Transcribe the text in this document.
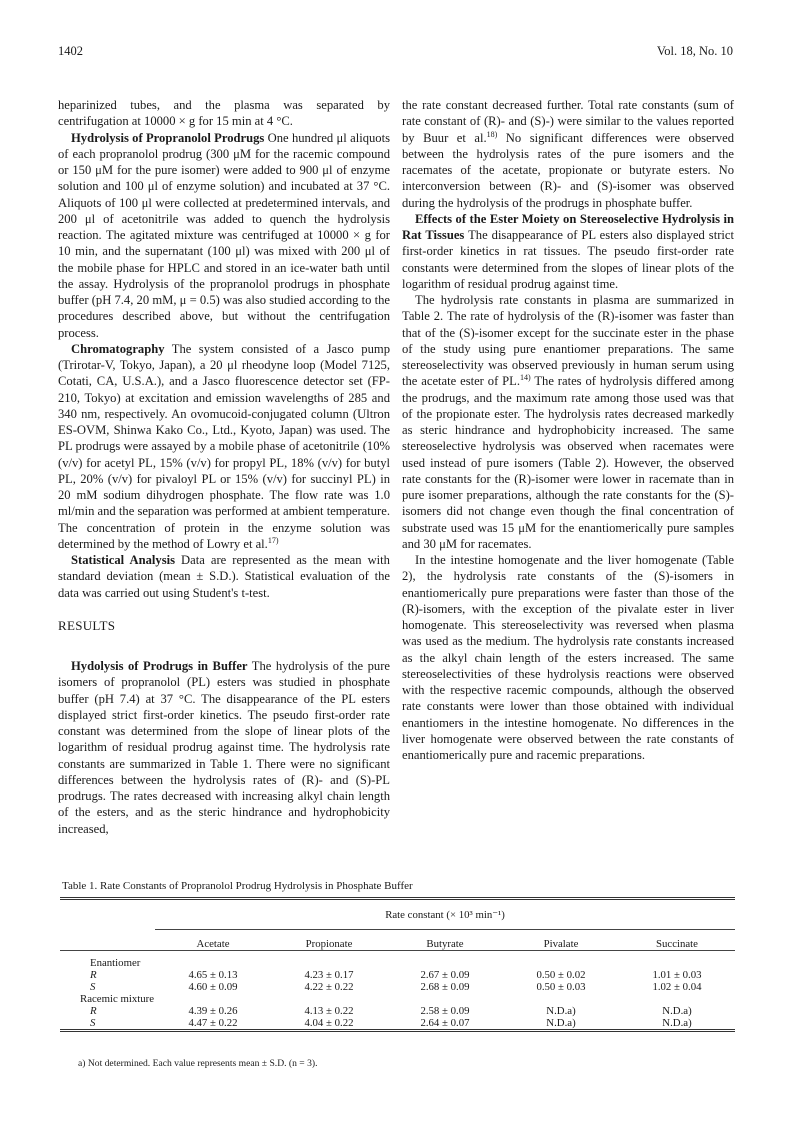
1402	Vol. 18, No. 10

heparinized tubes, and the plasma was separated by centrifugation at 10000 × g for 15 min at 4 °C.

Hydrolysis of Propranolol Prodrugs One hundred μl aliquots of each propranolol prodrug (300 μM for the racemic compound or 150 μM for the pure isomer) were added to 900 μl of enzyme solution and 100 μl of enzyme solution) and incubated at 37 °C. Aliquots of 100 μl were collected at predetermined intervals, and 200 μl of acetonitrile was added to quench the hydrolysis reaction. The agitated mixture was centrifuged at 10000 × g for 10 min, and the supernatant (100 μl) was mixed with 200 μl of the mobile phase for HPLC and stored in an ice-water bath until the assay. Hydrolysis of the propranolol prodrugs in phosphate buffer (pH 7.4, 20 mM, μ = 0.5) was also studied according to the procedures described above, but without the centrifugation process.

Chromatography The system consisted of a Jasco pump (Trirotar-V, Tokyo, Japan), a 20 μl rheodyne loop (Model 7125, Cotati, CA, U.S.A.), and a Jasco fluorescence detector set (FP-210, Tokyo) at excitation and emission wavelengths of 285 and 340 nm, respectively. An ovomucoid-conjugated column (Ultron ES-OVM, Shinwa Kako Co., Ltd., Kyoto, Japan) was used. The PL prodrugs were assayed by a mobile phase of acetonitrile (10% (v/v) for acetyl PL, 15% (v/v) for propyl PL, 18% (v/v) for butyl PL, 20% (v/v) for pivaloyl PL or 15% (v/v) for succinyl PL) in 20 mM sodium dihydrogen phosphate. The flow rate was 1.0 ml/min and the separation was performed at ambient temperature. The concentration of protein in the enzyme solution was determined by the method of Lowry et al.$^{17)}$

Statistical Analysis Data are represented as the mean with standard deviation (mean ± S.D.). Statistical evaluation of the data was carried out using Student's t-test.

RESULTS

Hydolysis of Prodrugs in Buffer The hydrolysis of the pure isomers of propranolol (PL) esters was studied in phosphate buffer (pH 7.4) at 37 °C. The disappearance of the PL esters displayed strict first-order kinetics. The pseudo first-order rate constant was determined from the slope of linear plots of the logarithm of residual prodrug against time. The hydrolysis rate constants are summarized in Table 1. There were no significant differences between the hydrolysis rates of (R)- and (S)-PL prodrugs. The rates decreased with increasing alkyl chain length of the esters, and as the steric hindrance and hydrophobicity increased,

the rate constant decreased further. Total rate constants (sum of rate constant of (R)- and (S)-) were similar to the values reported by Buur et al.$^{18)}$ No significant differences were observed between the hydrolysis rates of the pure isomers and the racemates of the acetate, propionate or butyrate esters. No interconversion between (R)- and (S)-isomer was observed during the hydrolysis of the prodrugs in phosphate buffer.

Effects of the Ester Moiety on Stereoselective Hydrolysis in Rat Tissues The disappearance of PL esters also displayed strict first-order kinetics in rat tissues. The pseudo first-order rate constants were determined from the slopes of linear plots of the logarithm of residual prodrug against time.

The hydrolysis rate constants in plasma are summarized in Table 2. The rate of hydrolysis of the (R)-isomer was faster than that of the (S)-isomer except for the succinate ester in the phase of the study using pure enantiomer preparations. The same stereoselectivity was observed previously in human serum using the acetate ester of PL.$^{14)}$ The rates of hydrolysis differed among the prodrugs, and the maximum rate among those used was that of the propionate ester. The hydrolysis rates decreased markedly as steric hindrance and hydrophobicity increased. The same stereoselective hydrolysis was observed when racemates were used instead of pure isomers (Table 2). However, the observed rate constants for the (R)-isomer were lower in racemate than in pure isomer preparations, although the rate constants for the (S)-isomers did not change even though the final concentration of substrate used was 15 μM for the enantiomerically pure samples and 30 μM for racemates.

In the intestine homogenate and the liver homogenate (Table 2), the hydrolysis rate constants of the (S)-isomers in enantiomerically pure preparations were faster than those of the (R)-isomers, with the exception of the pivalate ester in liver homogenate. This stereoselectivity was reversed when plasma was used as the medium. The hydrolysis rate constants increased as the alkyl chain length of the esters increased. The same stereoselectivities of these hydrolysis reactions were observed with the respective racemic compounds, although the observed rate constants were lower than those obtained with individual enantiomers in the intestine homogenate. No differences in the liver homogenate were observed between the rate constants of enantiomerically pure and racemic preparations.

Table 1. Rate Constants of Propranolol Prodrug Hydrolysis in Phosphate Buffer

	Rate constant (× 10³ min⁻¹)				

	Acetate	Propionate	Butyrate	Pivalate	Succinate

Enantiomer					
R	4.65 ± 0.13	4.23 ± 0.17	2.67 ± 0.09	0.50 ± 0.02	1.01 ± 0.03
S	4.60 ± 0.09	4.22 ± 0.22	2.68 ± 0.09	0.50 ± 0.03	1.02 ± 0.04
Racemic mixture					
R	4.39 ± 0.26	4.13 ± 0.22	2.58 ± 0.09	N.D.a)	N.D.a)
S	4.47 ± 0.22	4.04 ± 0.22	2.64 ± 0.07	N.D.a)	N.D.a)

a) Not determined. Each value represents mean ± S.D. (n = 3).
